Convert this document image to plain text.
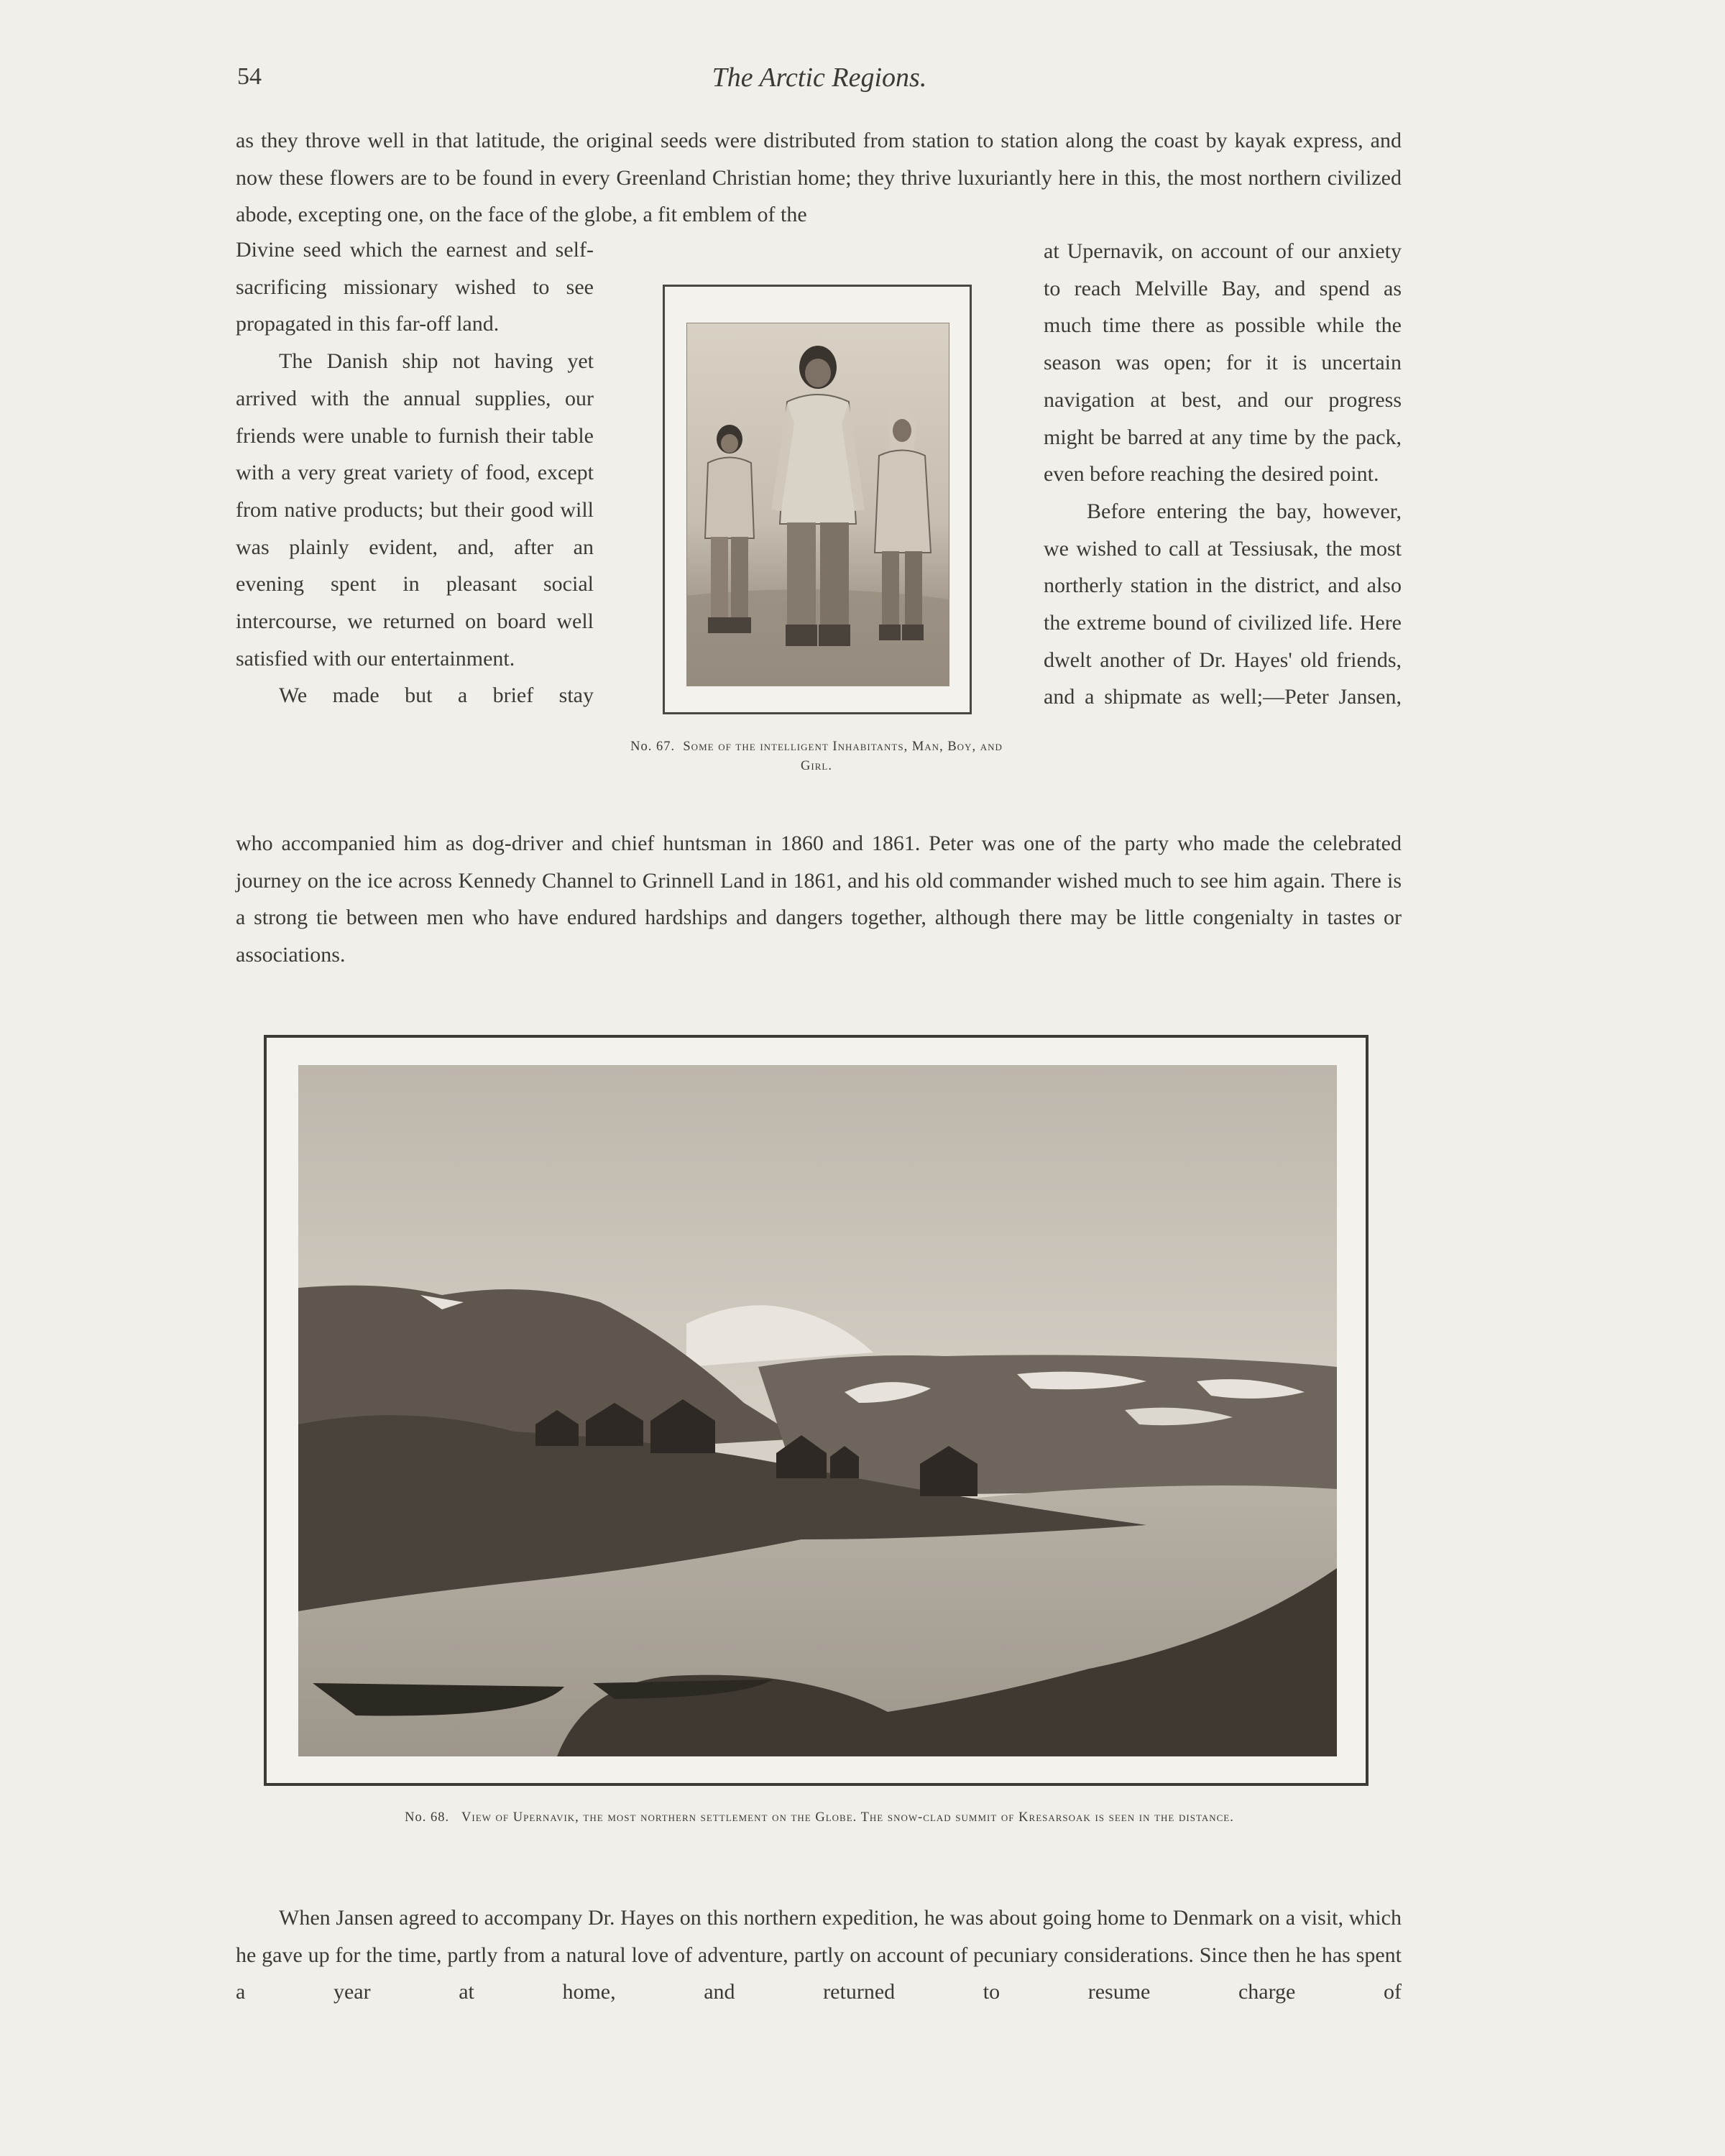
54	The Arctic Regions.

as they throve well in that latitude, the original seeds were distributed from station to station along the coast by kayak express, and now these flowers are to be found in every Greenland Christian home; they thrive luxuriantly here in this, the most northern civilized abode, excepting one, on the face of the globe, a fit emblem of the

Divine seed which the earnest and self-sacrificing missionary wished to see propagated in this far-off land.

The Danish ship not having yet arrived with the annual supplies, our friends were unable to furnish their table with a very great variety of food, except from native products; but their good will was plainly evident, and, after an evening spent in pleasant social intercourse, we returned on board well satisfied with our entertainment.

We made but a brief stay

at Upernavik, on account of our anxiety to reach Melville Bay, and spend as much time there as possible while the season was open; for it is uncertain navigation at best, and our progress might be barred at any time by the pack, even before reaching the desired point.

Before entering the bay, however, we wished to call at Tessiusak, the most northerly station in the district, and also the extreme bound of civilized life. Here dwelt another of Dr. Hayes' old friends, and a shipmate as well;—Peter Jansen,

No. 67. Some of the intelligent Inhabitants, Man, Boy, and Girl.

who accompanied him as dog-driver and chief huntsman in 1860 and 1861. Peter was one of the party who made the celebrated journey on the ice across Kennedy Channel to Grinnell Land in 1861, and his old commander wished much to see him again. There is a strong tie between men who have endured hardships and dangers together, although there may be little congenialty in tastes or associations.

No. 68. View of Upernavik, the most northern settlement on the Globe. The snow-clad summit of Kresarsoak is seen in the distance.

When Jansen agreed to accompany Dr. Hayes on this northern expedition, he was about going home to Denmark on a visit, which he gave up for the time, partly from a natural love of adventure, partly on account of pecuniary considerations. Since then he has spent a year at home, and returned to resume charge of
